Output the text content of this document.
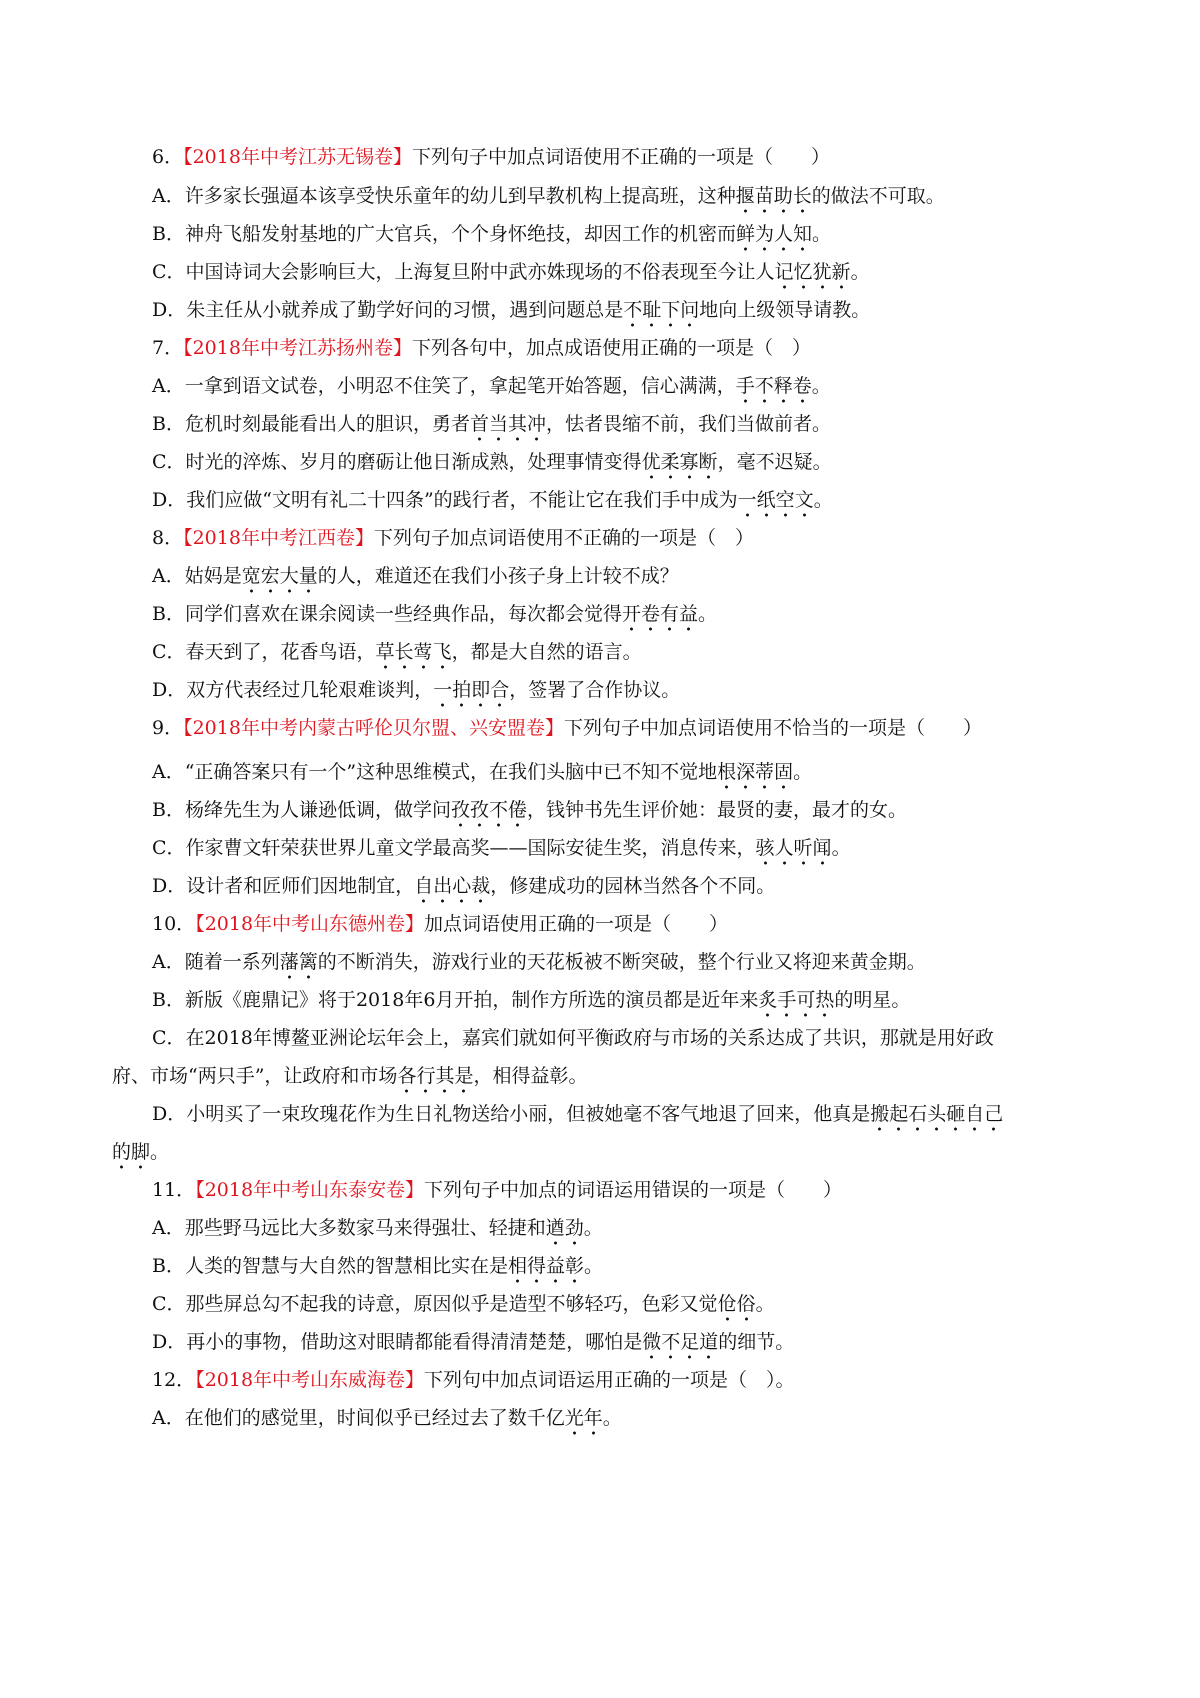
6．【2018年中考江苏无锡卷】下列句子中加点词语使用不正确的一项是（　　）
A．许多家长强逼本该享受快乐童年的幼儿到早教机构上提高班，这种揠苗助长的做法不可取。
B．神舟飞船发射基地的广大官兵，个个身怀绝技，却因工作的机密而鲜为人知。
C．中国诗词大会影响巨大，上海复旦附中武亦姝现场的不俗表现至今让人记忆犹新。
D．朱主任从小就养成了勤学好问的习惯，遇到问题总是不耻下问地向上级领导请教。
7．【2018年中考江苏扬州卷】下列各句中，加点成语使用正确的一项是（　）
A．一拿到语文试卷，小明忍不住笑了，拿起笔开始答题，信心满满，手不释卷。
B．危机时刻最能看出人的胆识，勇者首当其冲，怯者畏缩不前，我们当做前者。
C．时光的淬炼、岁月的磨砺让他日渐成熟，处理事情变得优柔寡断，毫不迟疑。
D．我们应做“文明有礼二十四条”的践行者，不能让它在我们手中成为一纸空文。
8．【2018年中考江西卷】下列句子加点词语使用不正确的一项是（　）
A．姑妈是宽宏大量的人，难道还在我们小孩子身上计较不成？
B．同学们喜欢在课余阅读一些经典作品，每次都会觉得开卷有益。
C．春天到了，花香鸟语，草长莺飞，都是大自然的语言。
D．双方代表经过几轮艰难谈判，一拍即合，签署了合作协议。
9．【2018年中考内蒙古呼伦贝尔盟、兴安盟卷】下列句子中加点词语使用不恰当的一项是（　　）
A．“正确答案只有一个”这种思维模式，在我们头脑中已不知不觉地根深蒂固。
B．杨绛先生为人谦逊低调，做学问孜孜不倦，钱钟书先生评价她：最贤的妻，最才的女。
C．作家曹文轩荣获世界儿童文学最高奖——国际安徒生奖，消息传来，骇人听闻。
D．设计者和匠师们因地制宜，自出心裁，修建成功的园林当然各个不同。
10．【2018年中考山东德州卷】加点词语使用正确的一项是（　　）
A．随着一系列藩篱的不断消失，游戏行业的天花板被不断突破，整个行业又将迎来黄金期。
B．新版《鹿鼎记》将于2018年6月开拍，制作方所选的演员都是近年来炙手可热的明星。
C．在2018年博鳌亚洲论坛年会上，嘉宾们就如何平衡政府与市场的关系达成了共识，那就是用好政
府、市场“两只手”，让政府和市场各行其是，相得益彰。
D．小明买了一束玫瑰花作为生日礼物送给小丽，但被她毫不客气地退了回来，他真是搬起石头砸自己
的脚。
11．【2018年中考山东泰安卷】下列句子中加点的词语运用错误的一项是（　　）
A．那些野马远比大多数家马来得强壮、轻捷和遒劲。
B．人类的智慧与大自然的智慧相比实在是相得益彰。
C．那些屏总勾不起我的诗意，原因似乎是造型不够轻巧，色彩又觉伧俗。
D．再小的事物，借助这对眼睛都能看得清清楚楚，哪怕是微不足道的细节。
12．【2018年中考山东威海卷】下列句中加点词语运用正确的一项是（　）。
A．在他们的感觉里，时间似乎已经过去了数千亿光年。
